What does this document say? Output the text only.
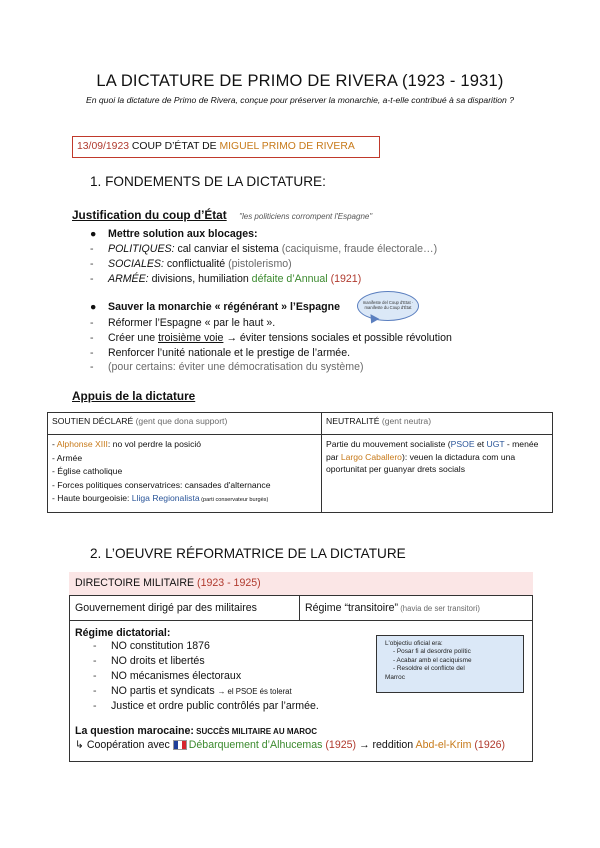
LA DICTATURE DE PRIMO DE RIVERA (1923 - 1931)
En quoi la dictature de Primo de Rivera, conçue pour préserver la monarchie, a-t-elle contribué à sa disparition ?
13/09/1923 COUP D’ÉTAT DE MIGUEL PRIMO DE RIVERA
1. FONDEMENTS DE LA DICTATURE:
Justification du coup d’État "les politiciens corrompent l'Espagne"
● Mettre solution aux blocages:
- POLITIQUES: cal canviar el sistema (caciquisme, fraude électorale…)
- SOCIALES: conflictualité (pistolerismo)
- ARMÉE: divisions, humiliation défaite d’Annual (1921)
● Sauver la monarchie « régénérant » l’Espagne	manifeste del Coup d'Etat · manifeste du Coup d'État
- Réformer l’Espagne « par le haut ».
- Créer une troisième voie → éviter tensions sociales et possible révolution
- Renforcer l’unité nationale et le prestige de l’armée.
- (pour certains: éviter une démocratisation du système)
Appuis de la dictature
SOUTIEN DÉCLARÉ (gent que dona support)	NEUTRALITÉ (gent neutra)

- Alphonse XIII: no vol perdre la posició
- Armée
- Église catholique
- Forces politiques conservatrices: cansades d'alternance
- Haute bourgeoisie: Lliga Regionalista (parti conservateur burgès)	Partie du mouvement socialiste (PSOE et UGT - menée par Largo Caballero): veuen la dictadura com una oportunitat per guanyar drets socials
2. L’OEUVRE RÉFORMATRICE DE LA DICTATURE
DIRECTOIRE MILITAIRE (1923 - 1925)
Gouvernement dirigé par des militaires	Régime “transitoire” (havia de ser transitori)
Régime dictatorial:
- NO constitution 1876
- NO droits et libertés
- NO mécanismes électoraux
- NO partis et syndicats → el PSOE és tolerat
- Justice et ordre public contrôlés par l’armée.
L'objectiu oficial era:
- Posar fi al desordre polític
- Acabar amb el caciquisme
- Resoldre el conflicte del
Marroc
La question marocaine: SUCCÈS MILITAIRE AU MAROC
↳ Coopération avec  Débarquement d’Alhucemas (1925) → reddition Abd-el-Krim (1926)
